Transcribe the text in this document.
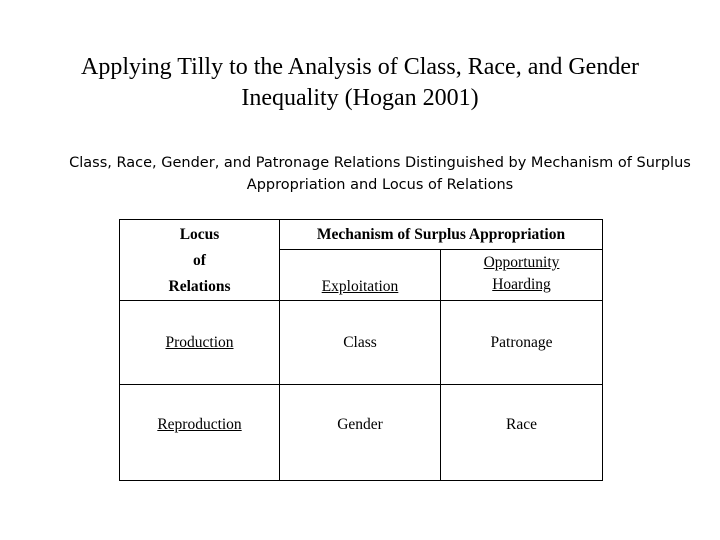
Applying Tilly to the Analysis of Class, Race, and Gender
Inequality (Hogan 2001)
Class, Race, Gender, and Patronage Relations Distinguished by Mechanism of Surplus
Appropriation and Locus of Relations
Locus
of
Relations	Mechanism of Surplus Appropriation	
	Exploitation	Opportunity
Hoarding

Production	Class	Patronage
Reproduction	Gender	Race
